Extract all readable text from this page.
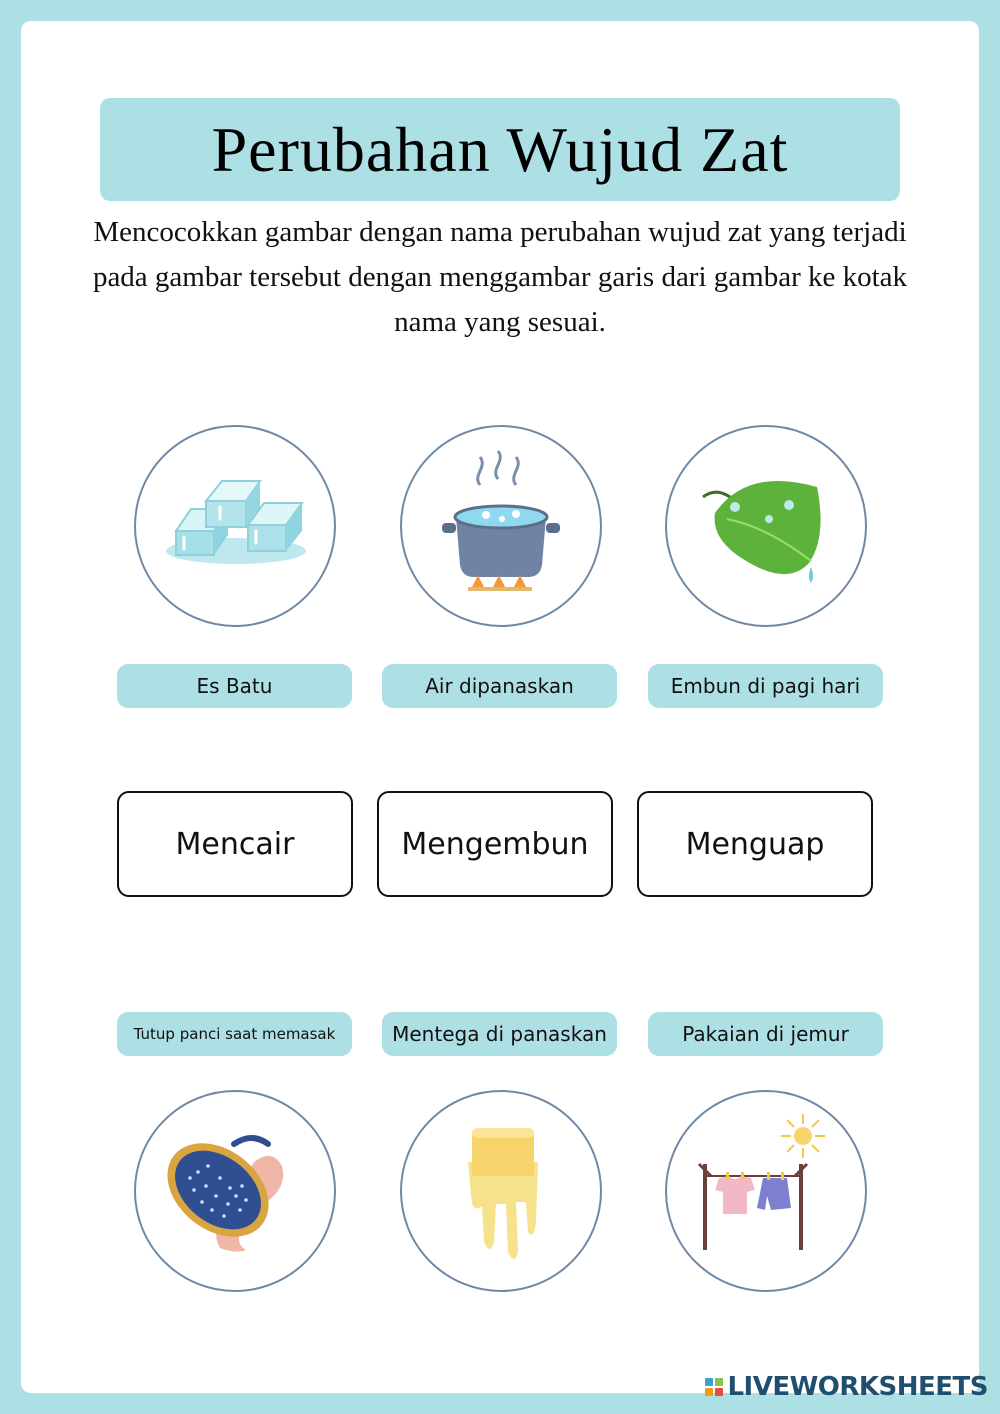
Perubahan Wujud Zat
Mencocokkan gambar dengan nama perubahan wujud zat yang terjadi pada gambar tersebut dengan menggambar garis dari gambar ke kotak nama yang sesuai.
Es Batu	Air dipanaskan	Embun di pagi hari
Mencair	Mengembun	Menguap
Tutup panci saat memasak	Mentega di panaskan	Pakaian di jemur
LIVEWORKSHEETS
